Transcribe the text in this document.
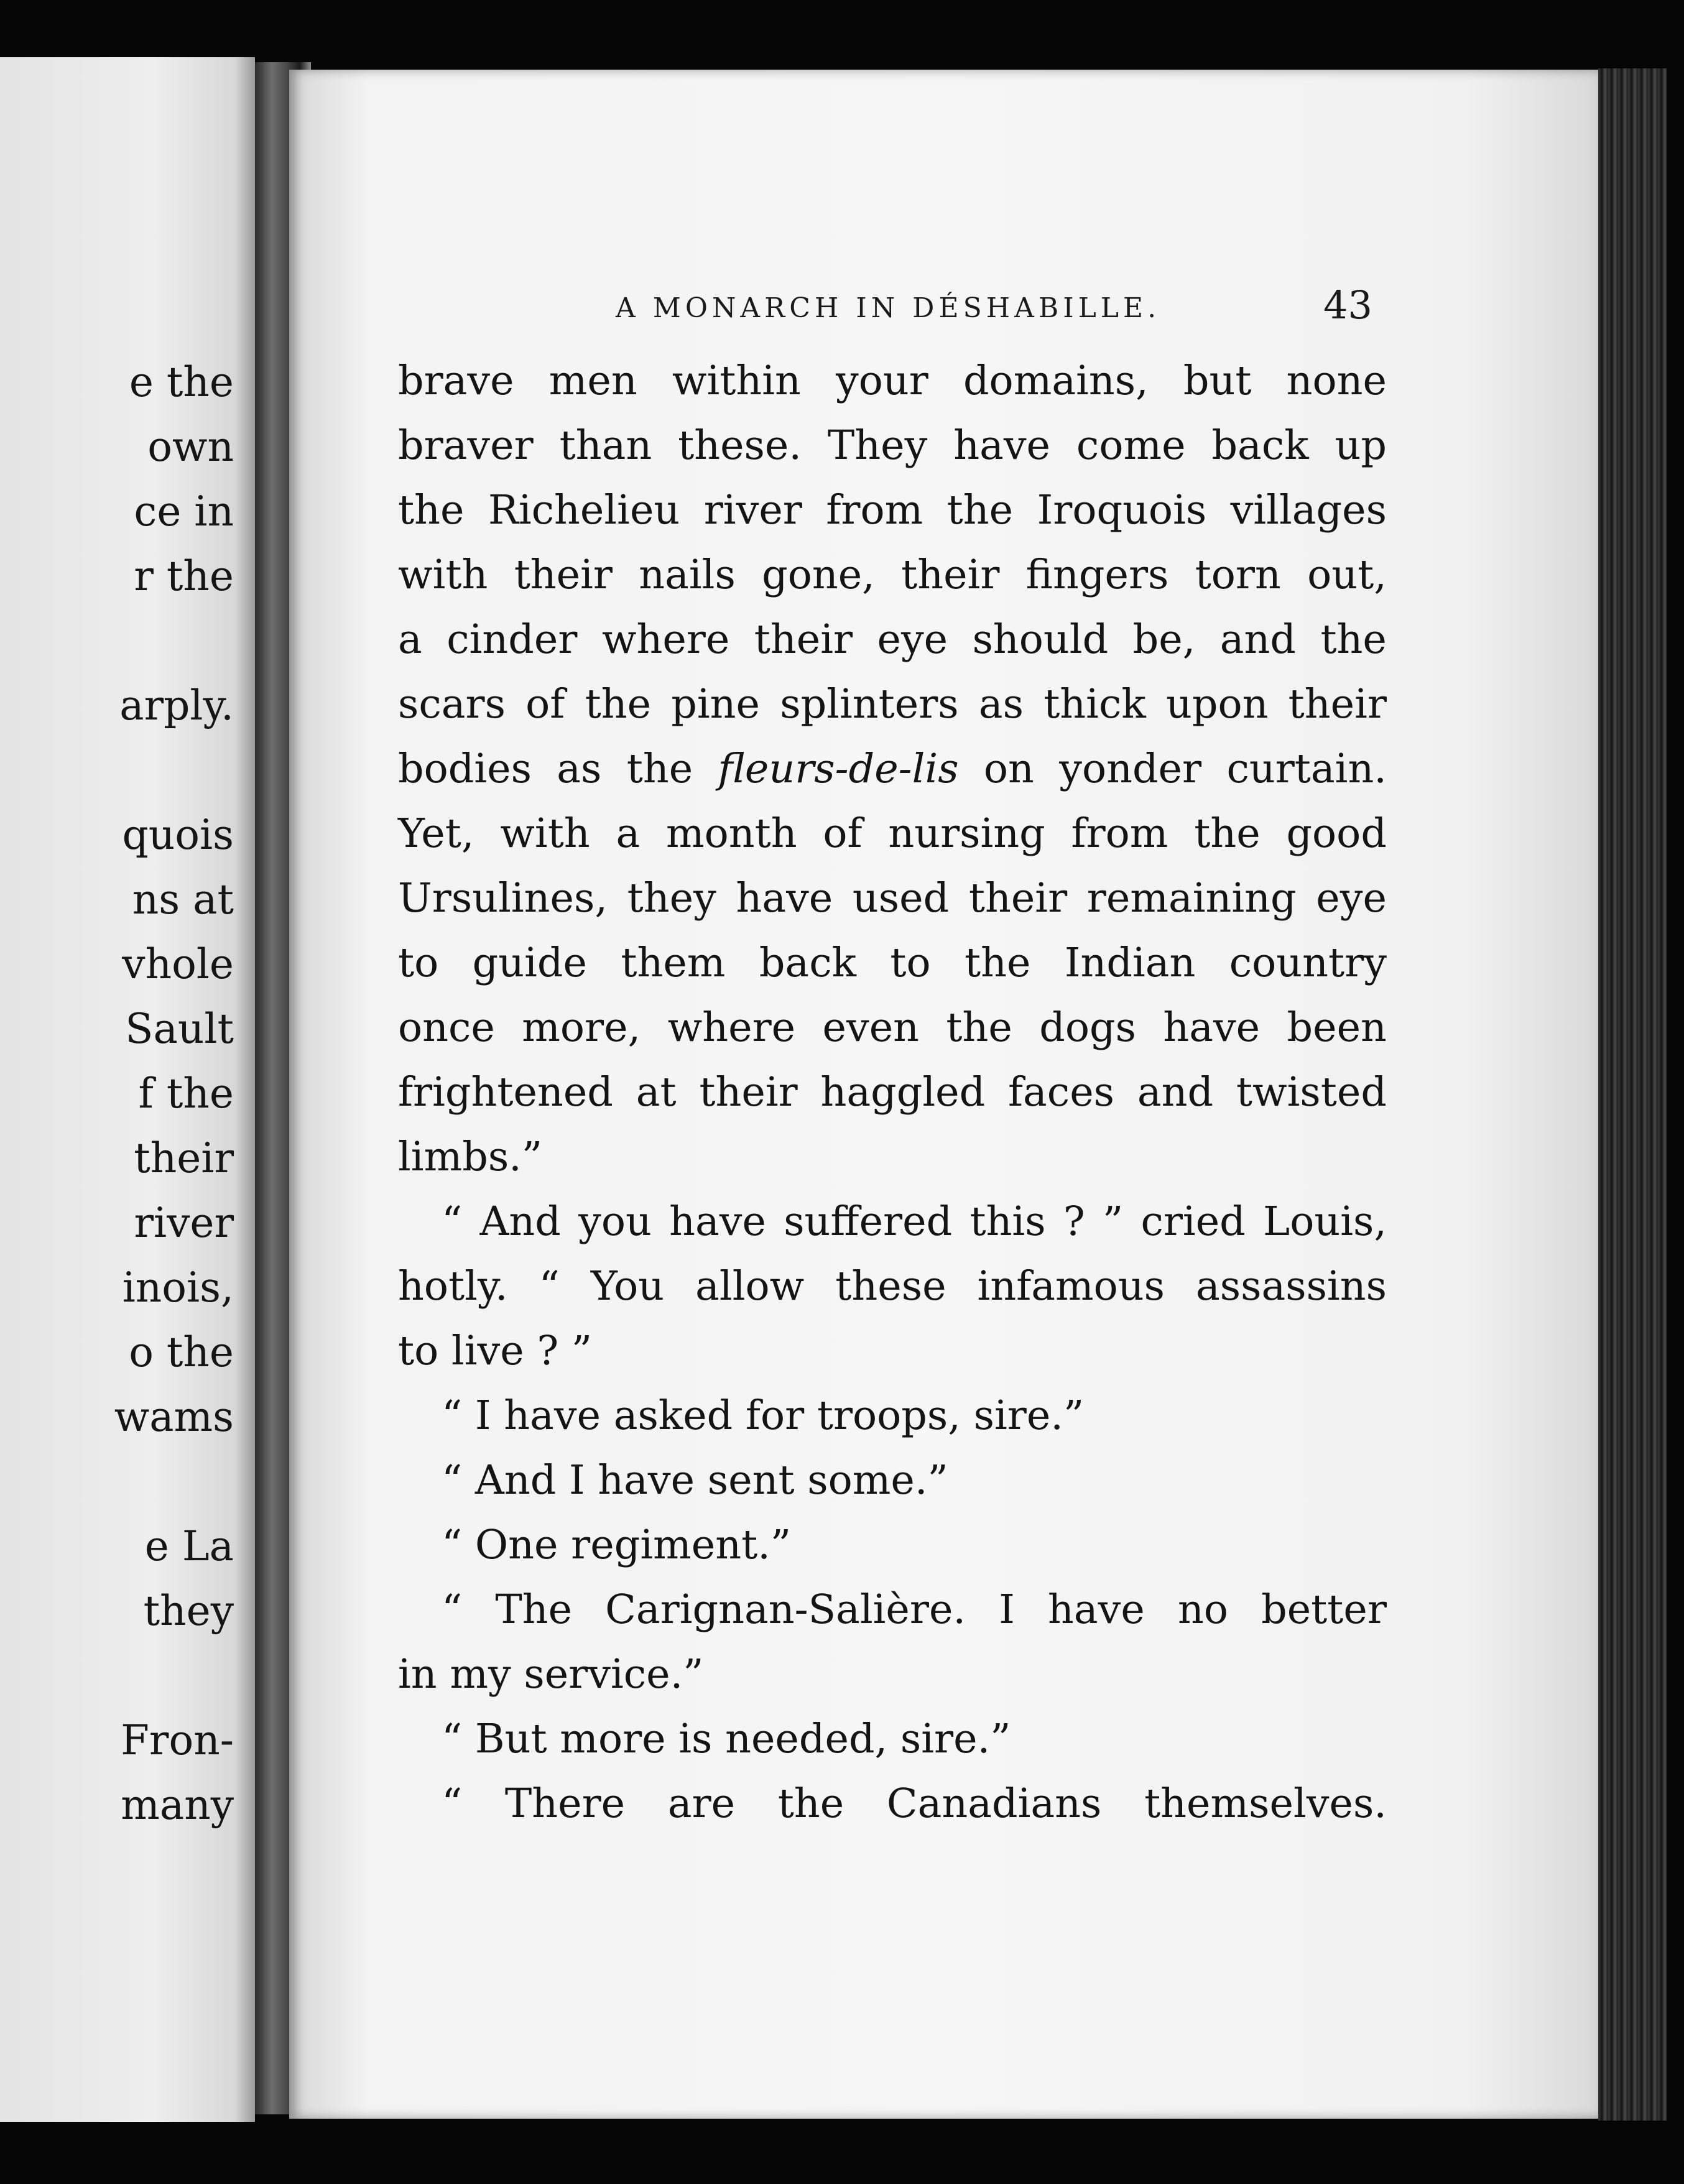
e the
own
ce in
r the
arply.
quois
ns at
vhole
Sault
f the
their
river
inois,
o the
wams
e La
they
Fron-
many
A MONARCH IN DÉSHABILLE.	43
brave men within your domains, but none
braver than these. They have come back up
the Richelieu river from the Iroquois villages
with their nails gone, their fingers torn out,
a cinder where their eye should be, and the
scars of the pine splinters as thick upon their
bodies as the fleurs-de-lis on yonder curtain.
Yet, with a month of nursing from the good
Ursulines, they have used their remaining eye
to guide them back to the Indian country
once more, where even the dogs have been
frightened at their haggled faces and twisted
limbs.”
“ And you have suffered this ? ” cried Louis,
hotly. “ You allow these infamous assassins
to live ? ”
“ I have asked for troops, sire.”
“ And I have sent some.”
“ One regiment.”
“ The Carignan-Salière. I have no better
in my service.”
“ But more is needed, sire.”
“ There are the Canadians themselves.
